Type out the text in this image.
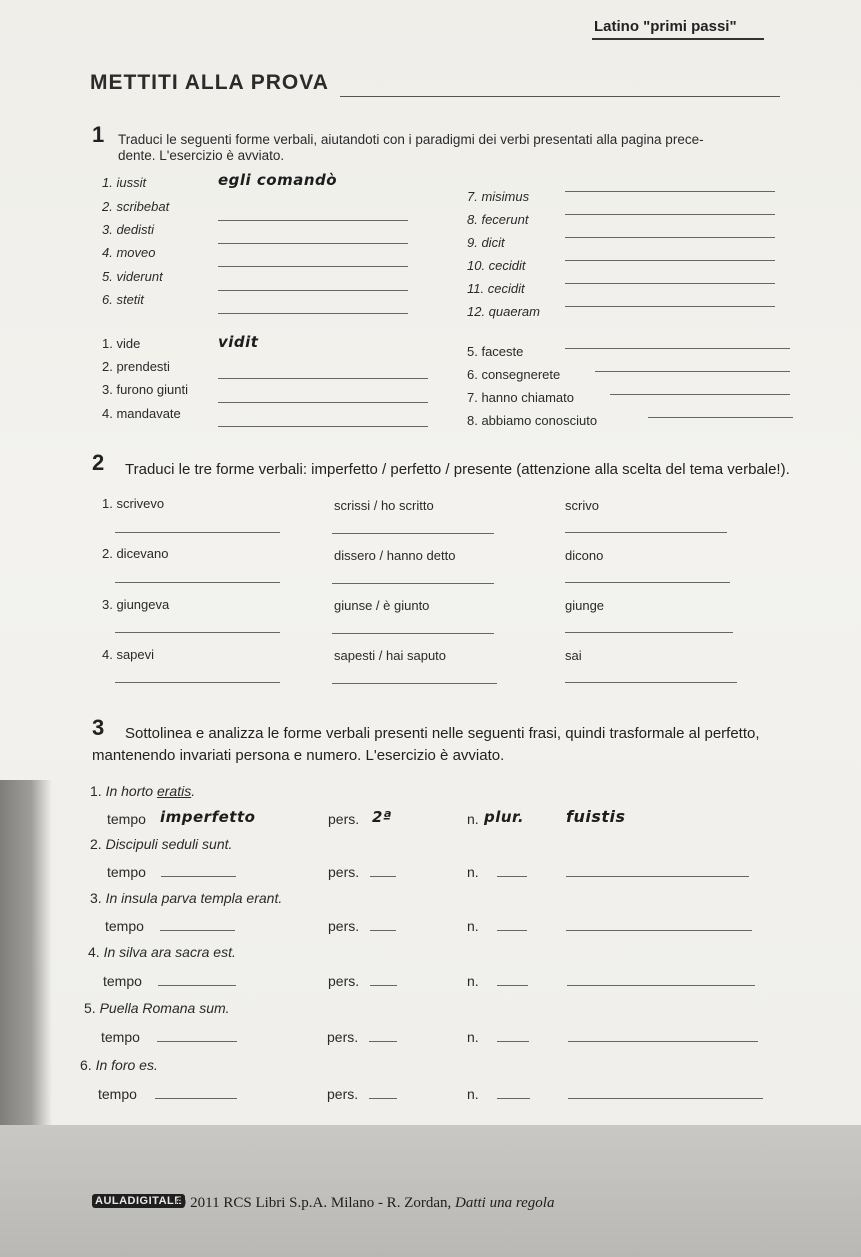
Latino "primi passi"
METTITI ALLA PROVA
1 Traduci le seguenti forme verbali, aiutandoti con i paradigmi dei verbi presentati alla pagina prece-
dente. L'esercizio è avviato.
1. iussit	egli comandò
2. scribebat
3. dedisti
4. moveo
5. viderunt
6. stetit
7. misimus
8. fecerunt
9. dicit
10. cecidit
11. cecidit
12. quaeram
1. vide	vidit
2. prendesti
3. furono giunti
4. mandavate
5. faceste
6. consegnerete
7. hanno chiamato
8. abbiamo conosciuto
2 Traduci le tre forme verbali: imperfetto / perfetto / presente (attenzione alla scelta del tema verbale!).
1. scrivevo	scrissi / ho scritto	scrivo
2. dicevano	dissero / hanno detto	dicono
3. giungeva	giunse / è giunto	giunge
4. sapevi	sapesti / hai saputo	sai
3 Sottolinea e analizza le forme verbali presenti nelle seguenti frasi, quindi trasformale al perfetto,
mantenendo invariati persona e numero. L'esercizio è avviato.
1. In horto eratis.
tempo imperfetto	pers. 2ª	n. plur.	fuistis
2. Discipuli seduli sunt.
tempo	pers.	n.
3. In insula parva templa erant.
tempo	pers.	n.
4. In silva ara sacra est.
tempo	pers.	n.
5. Puella Romana sum.
tempo	pers.	n.
6. In foro es.
tempo	pers.	n.
AULADIGITALE
© 2011 RCS Libri S.p.A. Milano - R. Zordan, Datti una regola
